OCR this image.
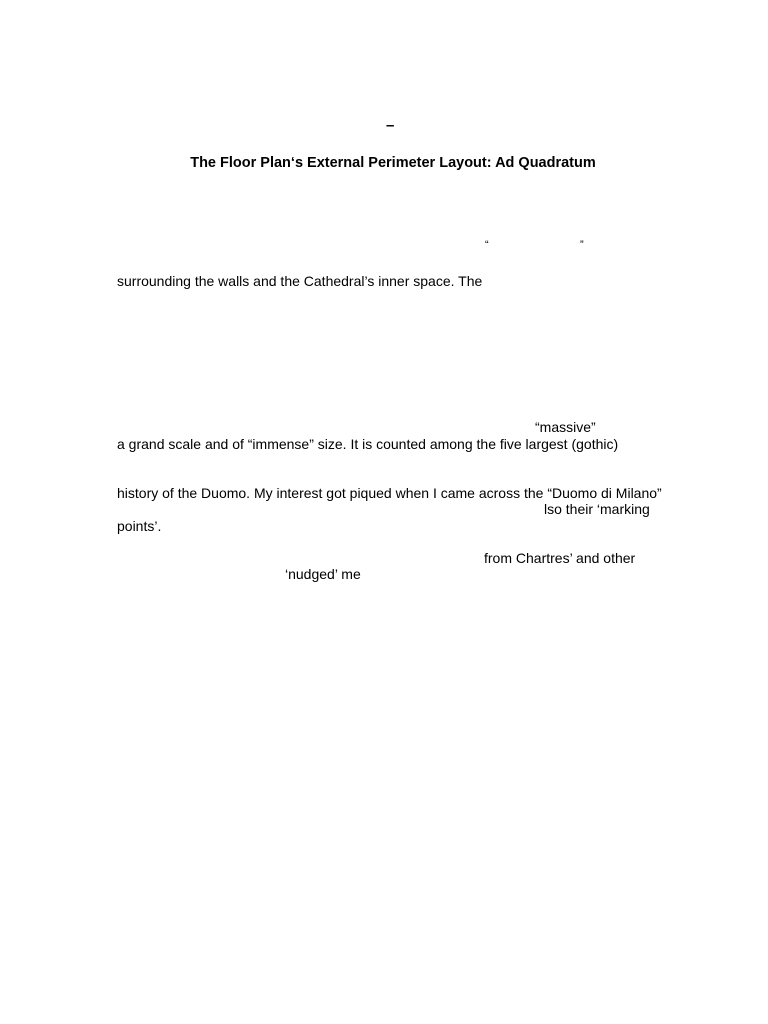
–
The Floor Plan‘s External Perimeter Layout: Ad Quadratum
“	”
surrounding the walls and the Cathedral’s inner space. The
“massive”
a grand scale and of “immense” size. It is counted among the five largest (gothic)
history of the Duomo. My interest got piqued when I came across the “Duomo di Milano”
lso their ‘marking
points’.
from Chartres’ and other
‘nudged’ me
